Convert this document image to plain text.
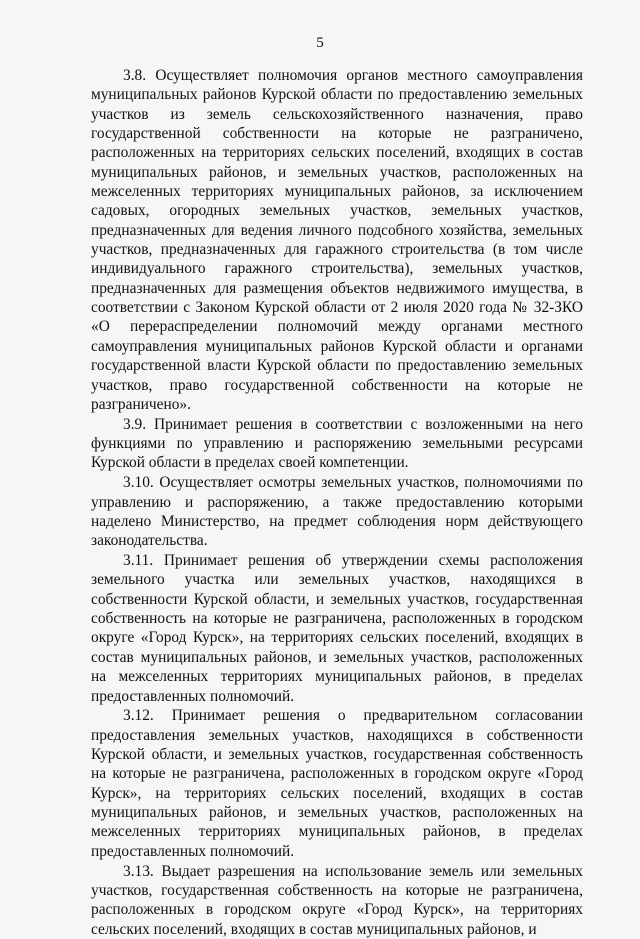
5

3.8. Осуществляет полномочия органов местного самоуправления муниципальных районов Курской области по предоставлению земельных участков из земель сельскохозяйственного назначения, право государственной собственности на которые не разграничено, расположенных на территориях сельских поселений, входящих в состав муниципальных районов, и земельных участков, расположенных на межселенных территориях муниципальных районов, за исключением садовых, огородных земельных участков, земельных участков, предназначенных для ведения личного подсобного хозяйства, земельных участков, предназначенных для гаражного строительства (в том числе индивидуального гаражного строительства), земельных участков, предназначенных для размещения объектов недвижимого имущества, в соответствии с Законом Курской области от 2 июля 2020 года № 32-ЗКО «О перераспределении полномочий между органами местного самоуправления муниципальных районов Курской области и органами государственной власти Курской области по предоставлению земельных участков, право государственной собственности на которые не разграничено».

3.9. Принимает решения в соответствии с возложенными на него функциями по управлению и распоряжению земельными ресурсами Курской области в пределах своей компетенции.

3.10. Осуществляет осмотры земельных участков, полномочиями по управлению и распоряжению, а также предоставлению которыми наделено Министерство, на предмет соблюдения норм действующего законодательства.

3.11. Принимает решения об утверждении схемы расположения земельного участка или земельных участков, находящихся в собственности Курской области, и земельных участков, государственная собственность на которые не разграничена, расположенных в городском округе «Город Курск», на территориях сельских поселений, входящих в состав муниципальных районов, и земельных участков, расположенных на межселенных территориях муниципальных районов, в пределах предоставленных полномочий.

3.12. Принимает решения о предварительном согласовании предоставления земельных участков, находящихся в собственности Курской области, и земельных участков, государственная собственность на которые не разграничена, расположенных в городском округе «Город Курск», на территориях сельских поселений, входящих в состав муниципальных районов, и земельных участков, расположенных на межселенных территориях муниципальных районов, в пределах предоставленных полномочий.

3.13. Выдает разрешения на использование земель или земельных участков, государственная собственность на которые не разграничена, расположенных в городском округе «Город Курск», на территориях сельских поселений, входящих в состав муниципальных районов, и
